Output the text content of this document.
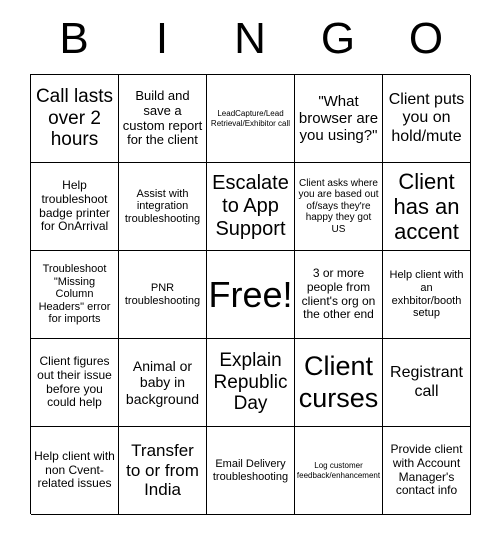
B	I	N	G	O
Call lasts over 2 hours
Build and save a custom report for the client
LeadCapture/Lead Retrieval/Exhibitor call
"What browser are you using?"
Client puts you on hold/mute
Help troubleshoot badge printer for OnArrival
Assist with integration troubleshooting
Escalate to App Support
Client asks where you are based out of/says they're happy they got US
Client has an accent
Troubleshoot "Missing Column Headers" error for imports
PNR troubleshooting Free!
3 or more people from client's org on the other end
Help client with an exhbitor/booth setup
Client figures out their issue before you could help
Animal or baby in background
Explain Republic Day
Client curses
Registrant call
Help client with non Cvent-related issues
Transfer to or from India
Email Delivery troubleshooting
Log customer feedback/enhancement
Provide client with Account Manager's contact info
